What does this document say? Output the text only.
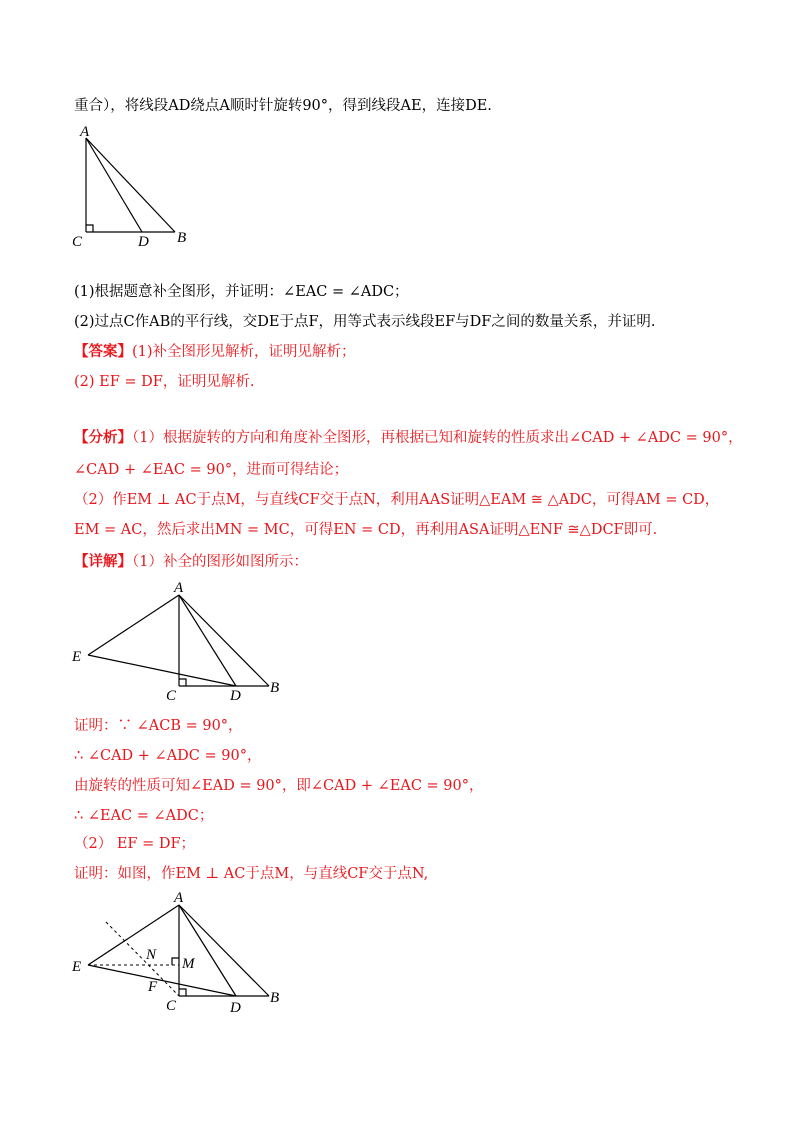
重合），将线段AD绕点A顺时针旋转90°，得到线段AE，连接DE.
A
C	D B
(1)根据题意补全图形，并证明：∠EAC = ∠ADC；
(2)过点C作AB的平行线，交DE于点F，用等式表示线段EF与DF之间的数量关系，并证明.
【答案】(1)补全图形见解析，证明见解析；
(2) EF = DF，证明见解析.
【分析】（1）根据旋转的方向和角度补全图形，再根据已知和旋转的性质求出∠CAD + ∠ADC = 90°，
∠CAD + ∠EAC = 90°，进而可得结论；
（2）作EM ⊥ AC于点M，与直线CF交于点N，利用AAS证明△EAM ≅ △ADC，可得AM = CD，
EM = AC，然后求出MN = MC，可得EN = CD，再利用ASA证明△ENF ≅△DCF即可.
【详解】（1）补全的图形如图所示：
A
E
C	D B
证明：∵ ∠ACB = 90°，
∴ ∠CAD + ∠ADC = 90°，
由旋转的性质可知∠EAD = 90°，即∠CAD + ∠EAC = 90°，
∴ ∠EAC = ∠ADC；
（2） EF = DF；
证明：如图，作EM ⊥ AC于点M，与直线CF交于点N,
A
E
N
M
F
C	D
B
